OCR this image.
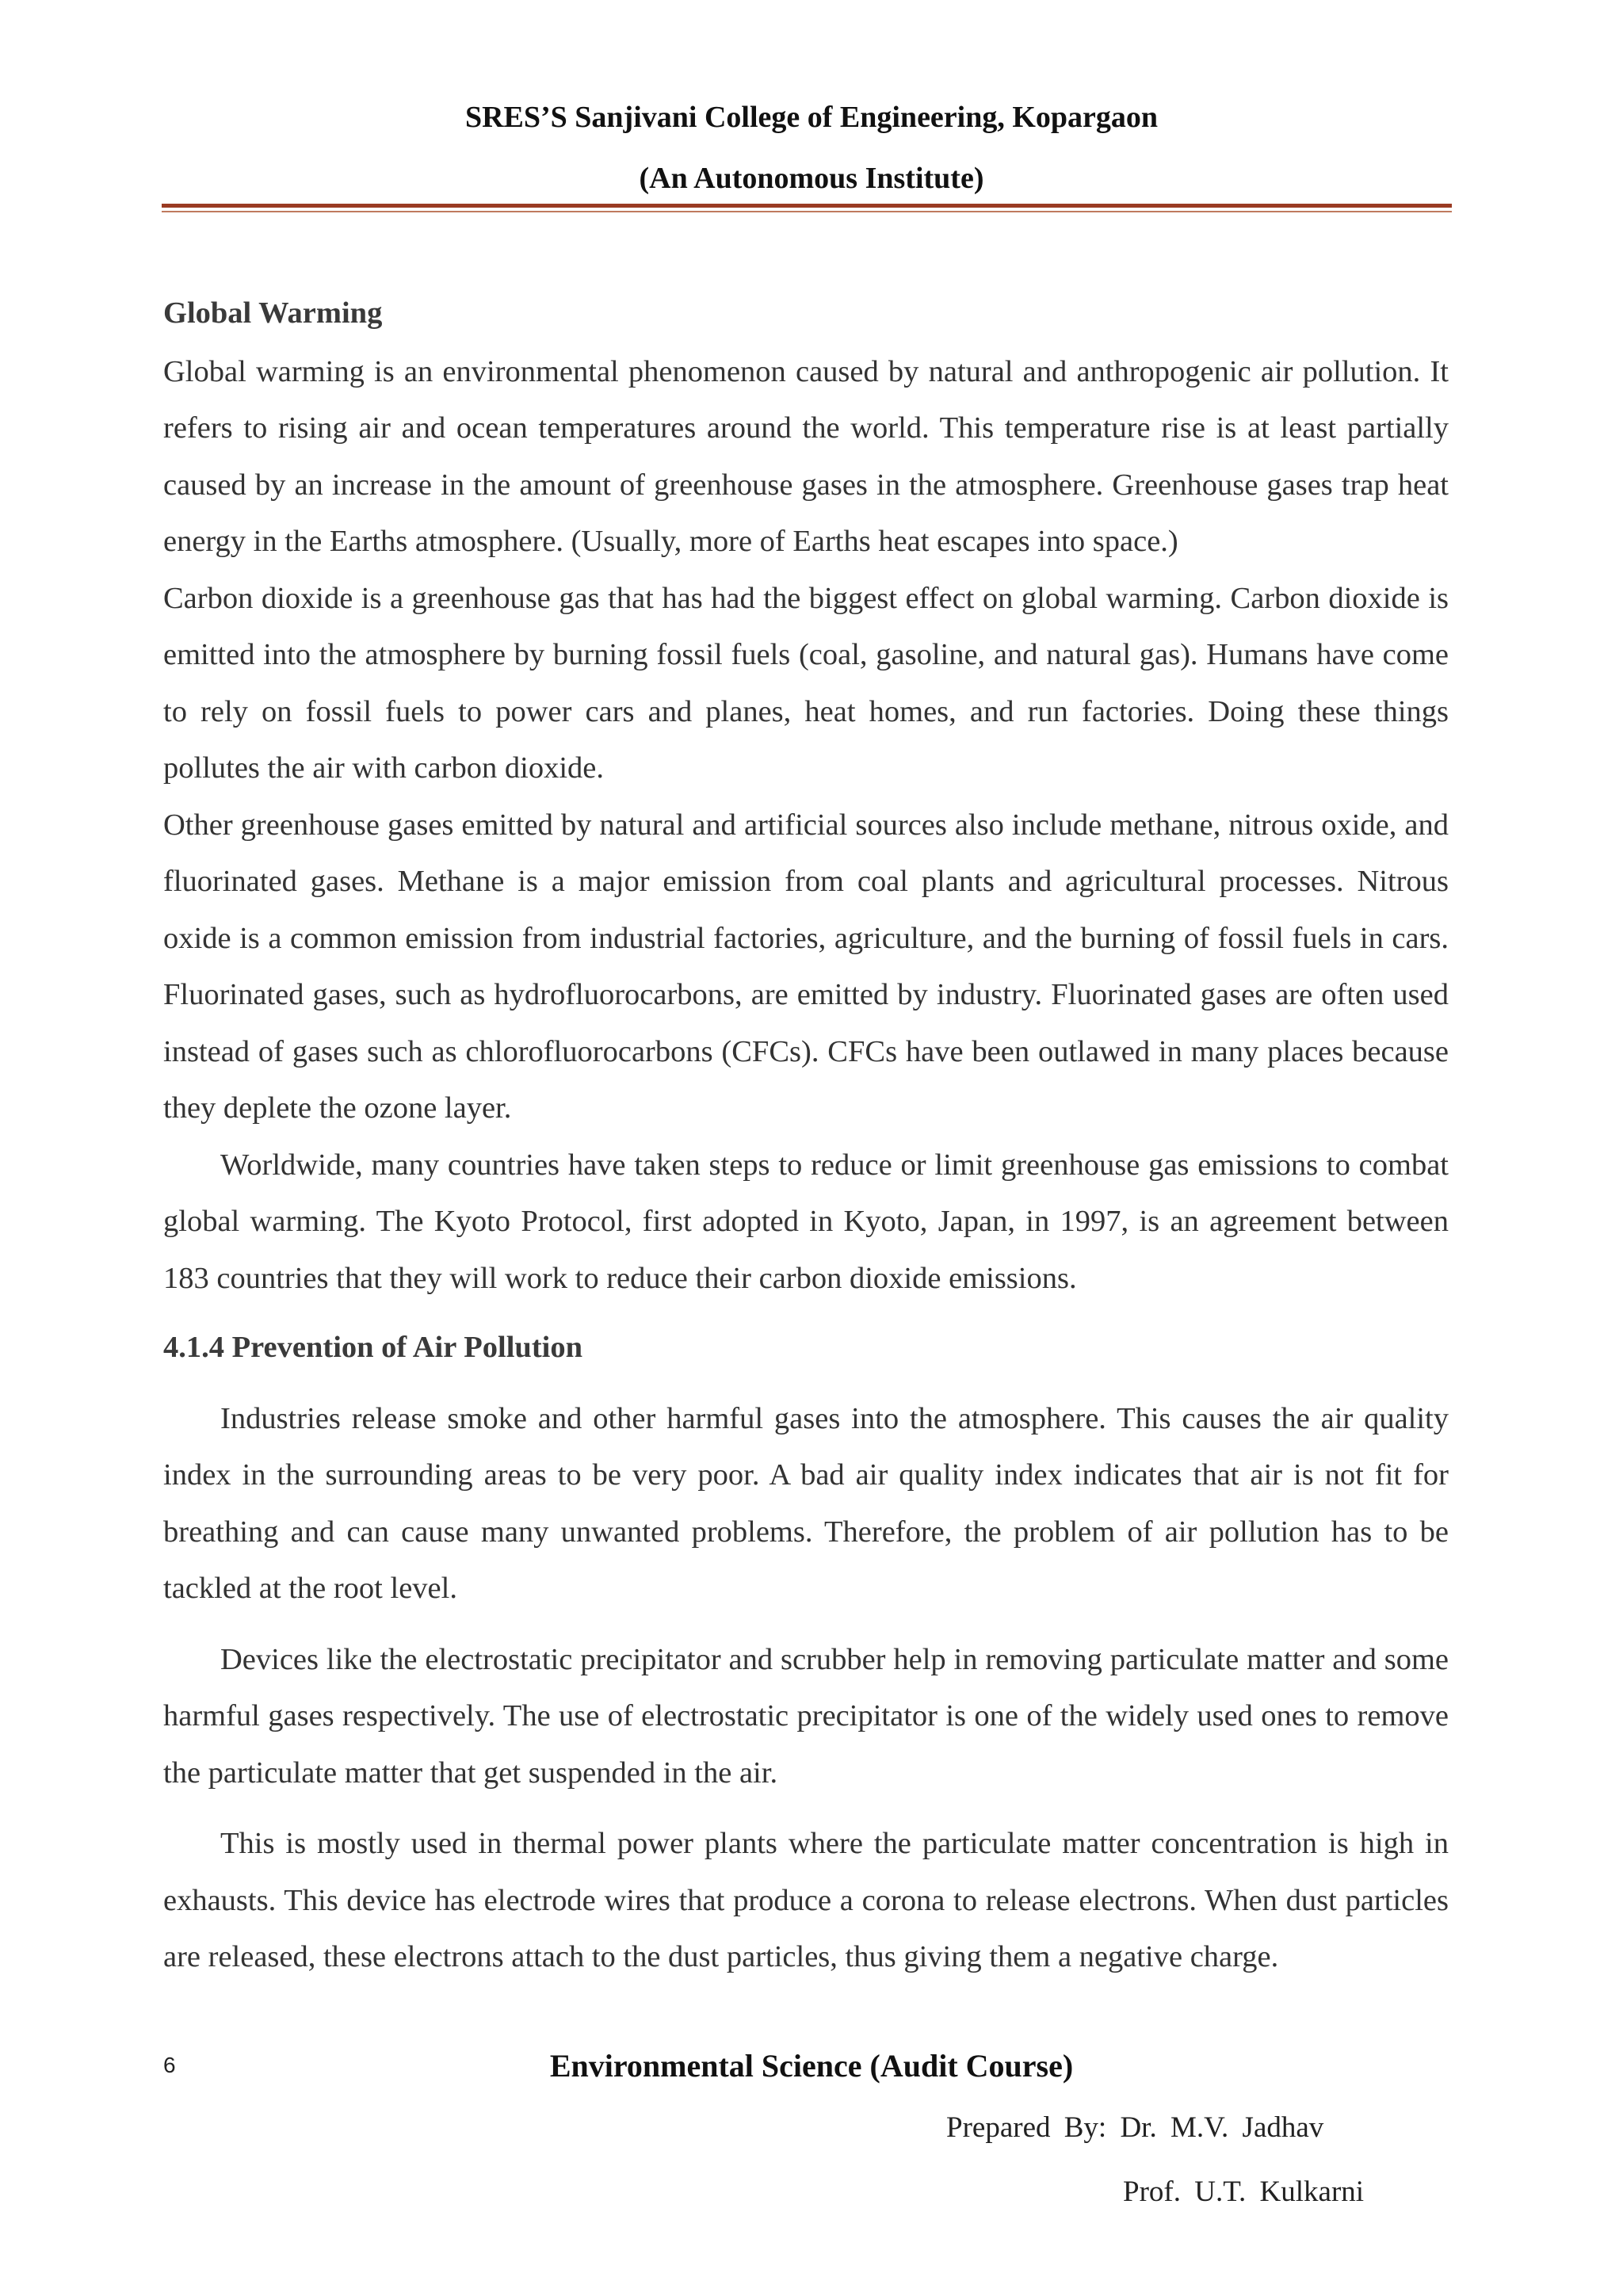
SRES’S Sanjivani College of Engineering, Kopargaon
(An Autonomous Institute)

Global Warming

Global warming is an environmental phenomenon caused by natural and anthropogenic air pollution. It refers to rising air and ocean temperatures around the world. This temperature rise is at least partially caused by an increase in the amount of greenhouse gases in the atmosphere. Greenhouse gases trap heat energy in the Earths atmosphere. (Usually, more of Earths heat escapes into space.)

Carbon dioxide is a greenhouse gas that has had the biggest effect on global warming. Carbon dioxide is emitted into the atmosphere by burning fossil fuels (coal, gasoline, and natural gas). Humans have come to rely on fossil fuels to power cars and planes, heat homes, and run factories. Doing these things pollutes the air with carbon dioxide.

Other greenhouse gases emitted by natural and artificial sources also include methane, nitrous oxide, and fluorinated gases. Methane is a major emission from coal plants and agricultural processes. Nitrous oxide is a common emission from industrial factories, agriculture, and the burning of fossil fuels in cars. Fluorinated gases, such as hydrofluorocarbons, are emitted by industry. Fluorinated gases are often used instead of gases such as chlorofluorocarbons (CFCs). CFCs have been outlawed in many places because they deplete the ozone layer.

Worldwide, many countries have taken steps to reduce or limit greenhouse gas emissions to combat global warming. The Kyoto Protocol, first adopted in Kyoto, Japan, in 1997, is an agreement between 183 countries that they will work to reduce their carbon dioxide emissions.

4.1.4 Prevention of Air Pollution

Industries release smoke and other harmful gases into the atmosphere. This causes the air quality index in the surrounding areas to be very poor. A bad air quality index indicates that air is not fit for breathing and can cause many unwanted problems. Therefore, the problem of air pollution has to be tackled at the root level.

Devices like the electrostatic precipitator and scrubber help in removing particulate matter and some harmful gases respectively. The use of electrostatic precipitator is one of the widely used ones to remove the particulate matter that get suspended in the air.

This is mostly used in thermal power plants where the particulate matter concentration is high in exhausts. This device has electrode wires that produce a corona to release electrons. When dust particles are released, these electrons attach to the dust particles, thus giving them a negative charge.

6	Environmental Science (Audit Course)
Prepared By: Dr. M.V. Jadhav
Prof. U.T. Kulkarni
